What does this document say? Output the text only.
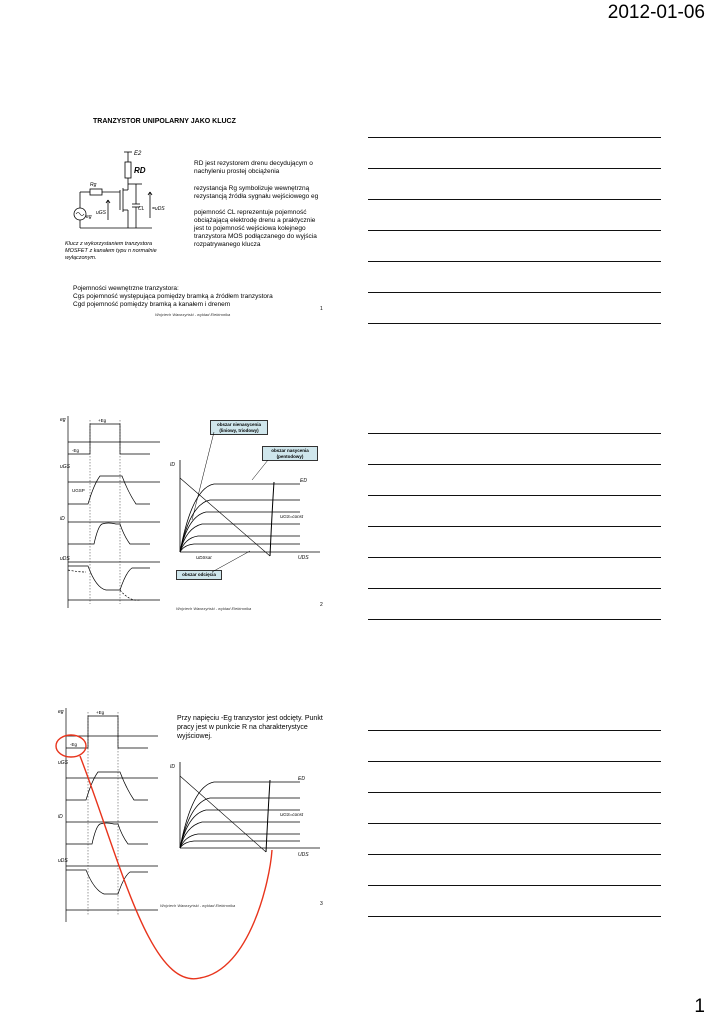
2012-01-06
1
TRANZYSTOR UNIPOLARNY JAKO KLUCZ
E2
RD
Rg
eg
CL
uGS
=uDS
Klucz z wykorzystaniem tranzystora MOSFET z kanałem typu n normalnie wyłączonym.
RD jest rezystorem drenu decydującym o nachyleniu prostej obciążenia
rezystancja Rg symbolizuje wewnętrzną rezystancją źródła sygnału wejściowego eg
pojemność CL reprezentuje pojemność obciążającą elektrodę drenu a praktycznie jest to pojemność wejściowa kolejnego tranzystora MOS podłączanego do wyjścia rozpatrywanego klucza
Pojemności wewnętrzne tranzystora:
Cgs pojemność występująca pomiędzy bramką a źródłem tranzystora
Cgd pojemność pomiędzy bramką a kanałem i drenem
Wojciech Wawrzyński - wykład Elektronika
1
eg	+Eg
-Eg
uGS
UGSP
iD
uDS
ID
ED
UGS=const
UDSsat	UDS
obszar nienasycenia (liniowy, triodowy)
obszar nasycenia (pentodowy)
obszar odcięcia
Wojciech Wawrzyński - wykład Elektronika
2
eg	+Eg
-Eg
uGS
iD
uDS
ID
ED
UGS=const
UDS
Przy napięciu -Eg tranzystor jest odcięty. Punkt pracy jest w punkcie R na charakterystyce wyjściowej.
Wojciech Wawrzyński - wykład Elektronika	3
